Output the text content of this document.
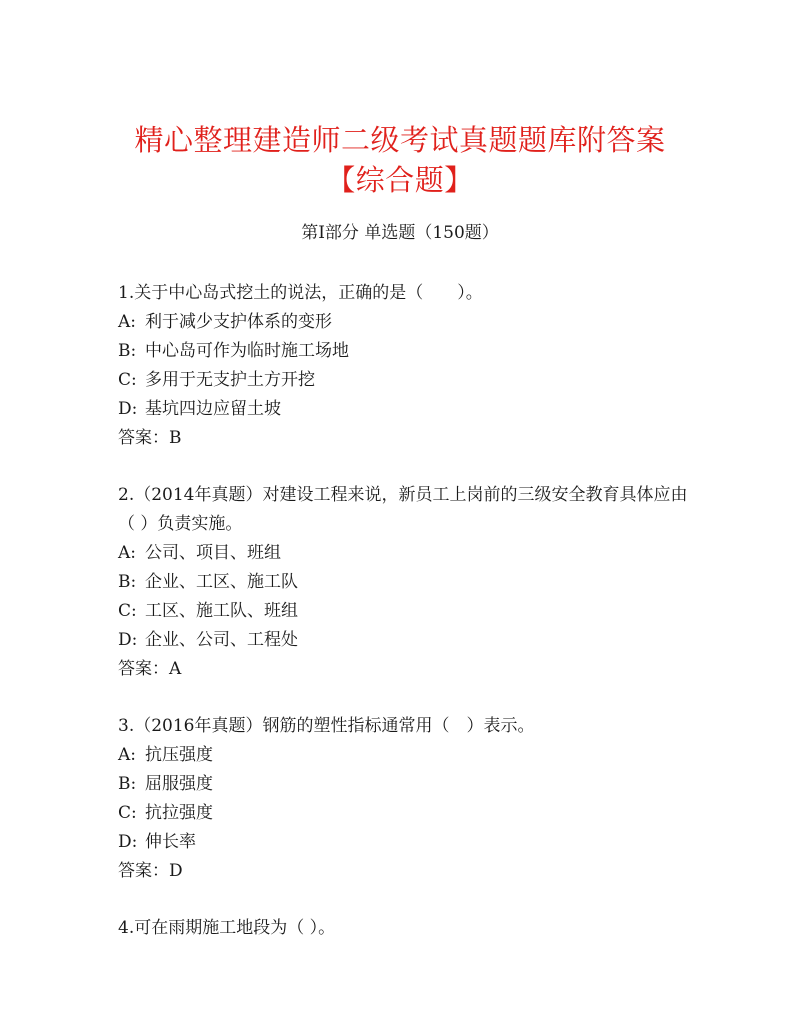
精心整理建造师二级考试真题题库附答案【综合题】
第Ⅰ部分 单选题（150题）
1.关于中心岛式挖土的说法，正确的是（　　）。
A: 利于减少支护体系的变形
B: 中心岛可作为临时施工场地
C: 多用于无支护土方开挖
D: 基坑四边应留土坡
答案：B
2.（2014年真题）对建设工程来说，新员工上岗前的三级安全教育具体应由（ ）负责实施。
A: 公司、项目、班组
B: 企业、工区、施工队
C: 工区、施工队、班组
D: 企业、公司、工程处
答案：A
3.（2016年真题）钢筋的塑性指标通常用（　）表示。
A: 抗压强度
B: 屈服强度
C: 抗拉强度
D: 伸长率
答案：D
4.可在雨期施工地段为（ ）。
